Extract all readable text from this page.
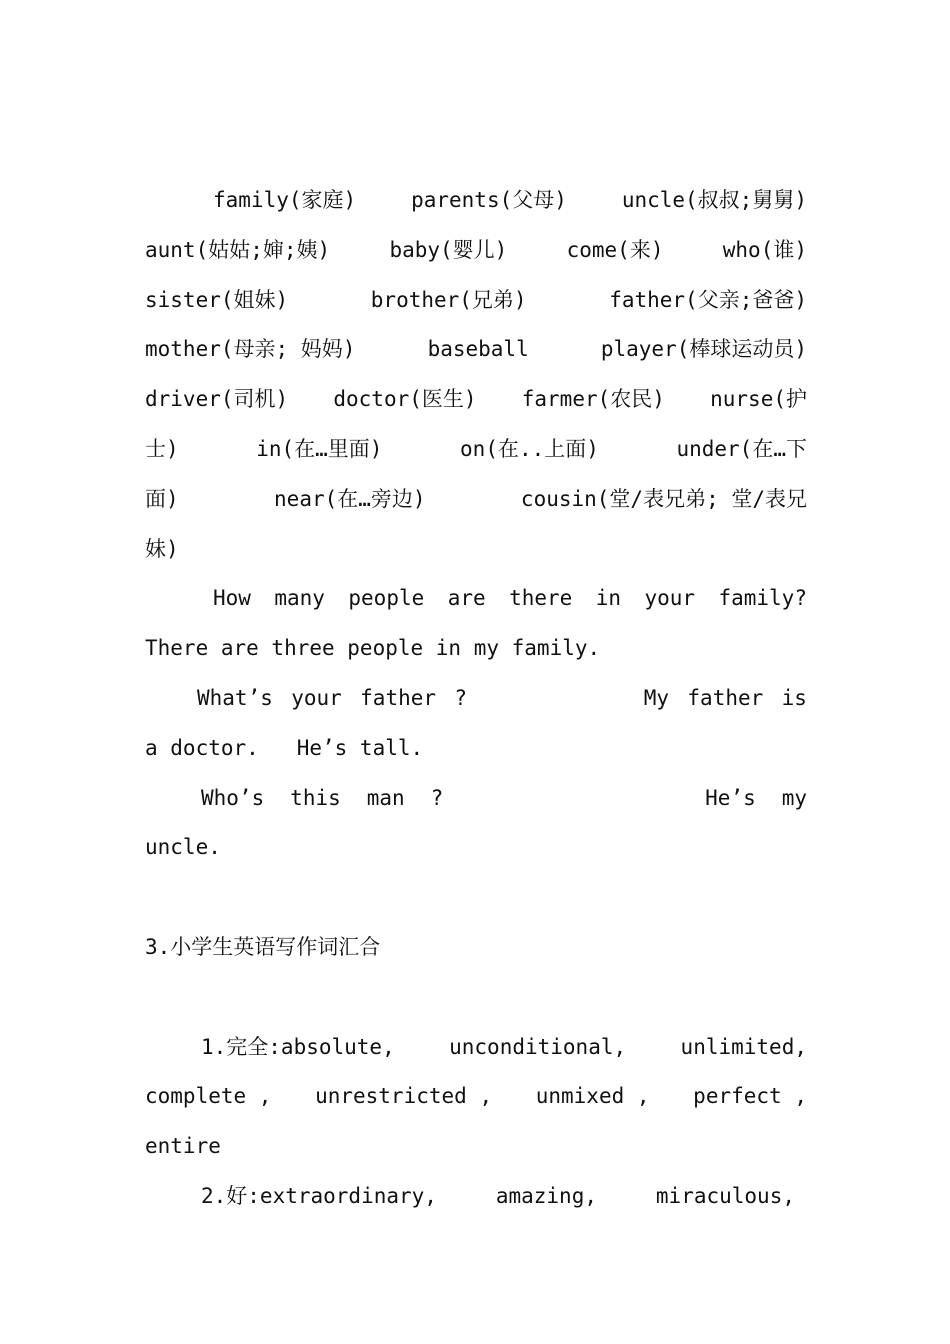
family(家庭)	parents(父母)	uncle(叔叔;舅舅)
aunt(姑姑;婶;姨)	baby(婴儿)	come(来)	who(谁)
sister(姐妹)	brother(兄弟)	father(父亲;爸爸)
mother(母亲; 妈妈)	baseball	player(棒球运动员)
driver(司机) doctor(医生) farmer(农民) nurse(护
士)	in(在…里面)	on(在..上面)	under(在…下
面)	near(在…旁边)	cousin(堂/表兄弟; 堂/表兄
妹)
How many people are there in your family?
There are three people in my family.
What’s your father ?	My father is
a doctor.   He’s tall.
Who’s this man ?	He’s my
uncle.
3.小学生英语写作词汇合
1.完全:absolute,	unconditional,	unlimited,
complete , unrestricted , unmixed , perfect ,
entire
2.好:extraordinary,	amazing,	miraculous,
